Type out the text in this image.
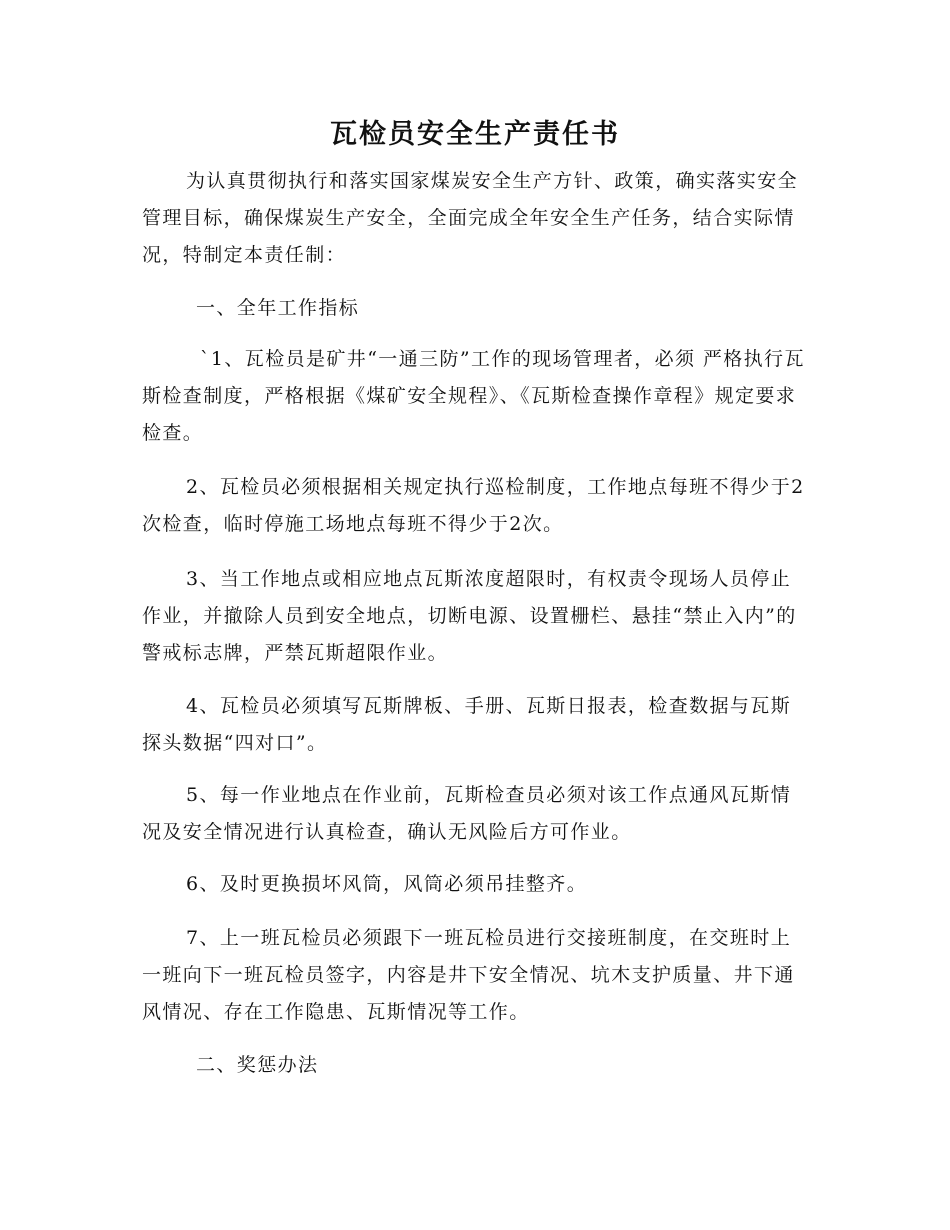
瓦检员安全生产责任书

为认真贯彻执行和落实国家煤炭安全生产方针、政策，确实落实安全管理目标，确保煤炭生产安全，全面完成全年安全生产任务，结合实际情况，特制定本责任制：

一、全年工作指标

`1、瓦检员是矿井“一通三防”工作的现场管理者，必须 严格执行瓦斯检查制度，严格根据《煤矿安全规程》、《瓦斯检查操作章程》规定要求检查。

2、瓦检员必须根据相关规定执行巡检制度，工作地点每班不得少于2次检查，临时停施工场地点每班不得少于2次。

3、当工作地点或相应地点瓦斯浓度超限时，有权责令现场人员停止作业，并撤除人员到安全地点，切断电源、设置栅栏、悬挂“禁止入内”的警戒标志牌，严禁瓦斯超限作业。

4、瓦检员必须填写瓦斯牌板、手册、瓦斯日报表，检查数据与瓦斯探头数据“四对口”。

5、每一作业地点在作业前，瓦斯检查员必须对该工作点通风瓦斯情况及安全情况进行认真检查，确认无风险后方可作业。

6、及时更换损坏风筒，风筒必须吊挂整齐。

7、上一班瓦检员必须跟下一班瓦检员进行交接班制度，在交班时上一班向下一班瓦检员签字，内容是井下安全情况、坑木支护质量、井下通风情况、存在工作隐患、瓦斯情况等工作。

二、奖惩办法
